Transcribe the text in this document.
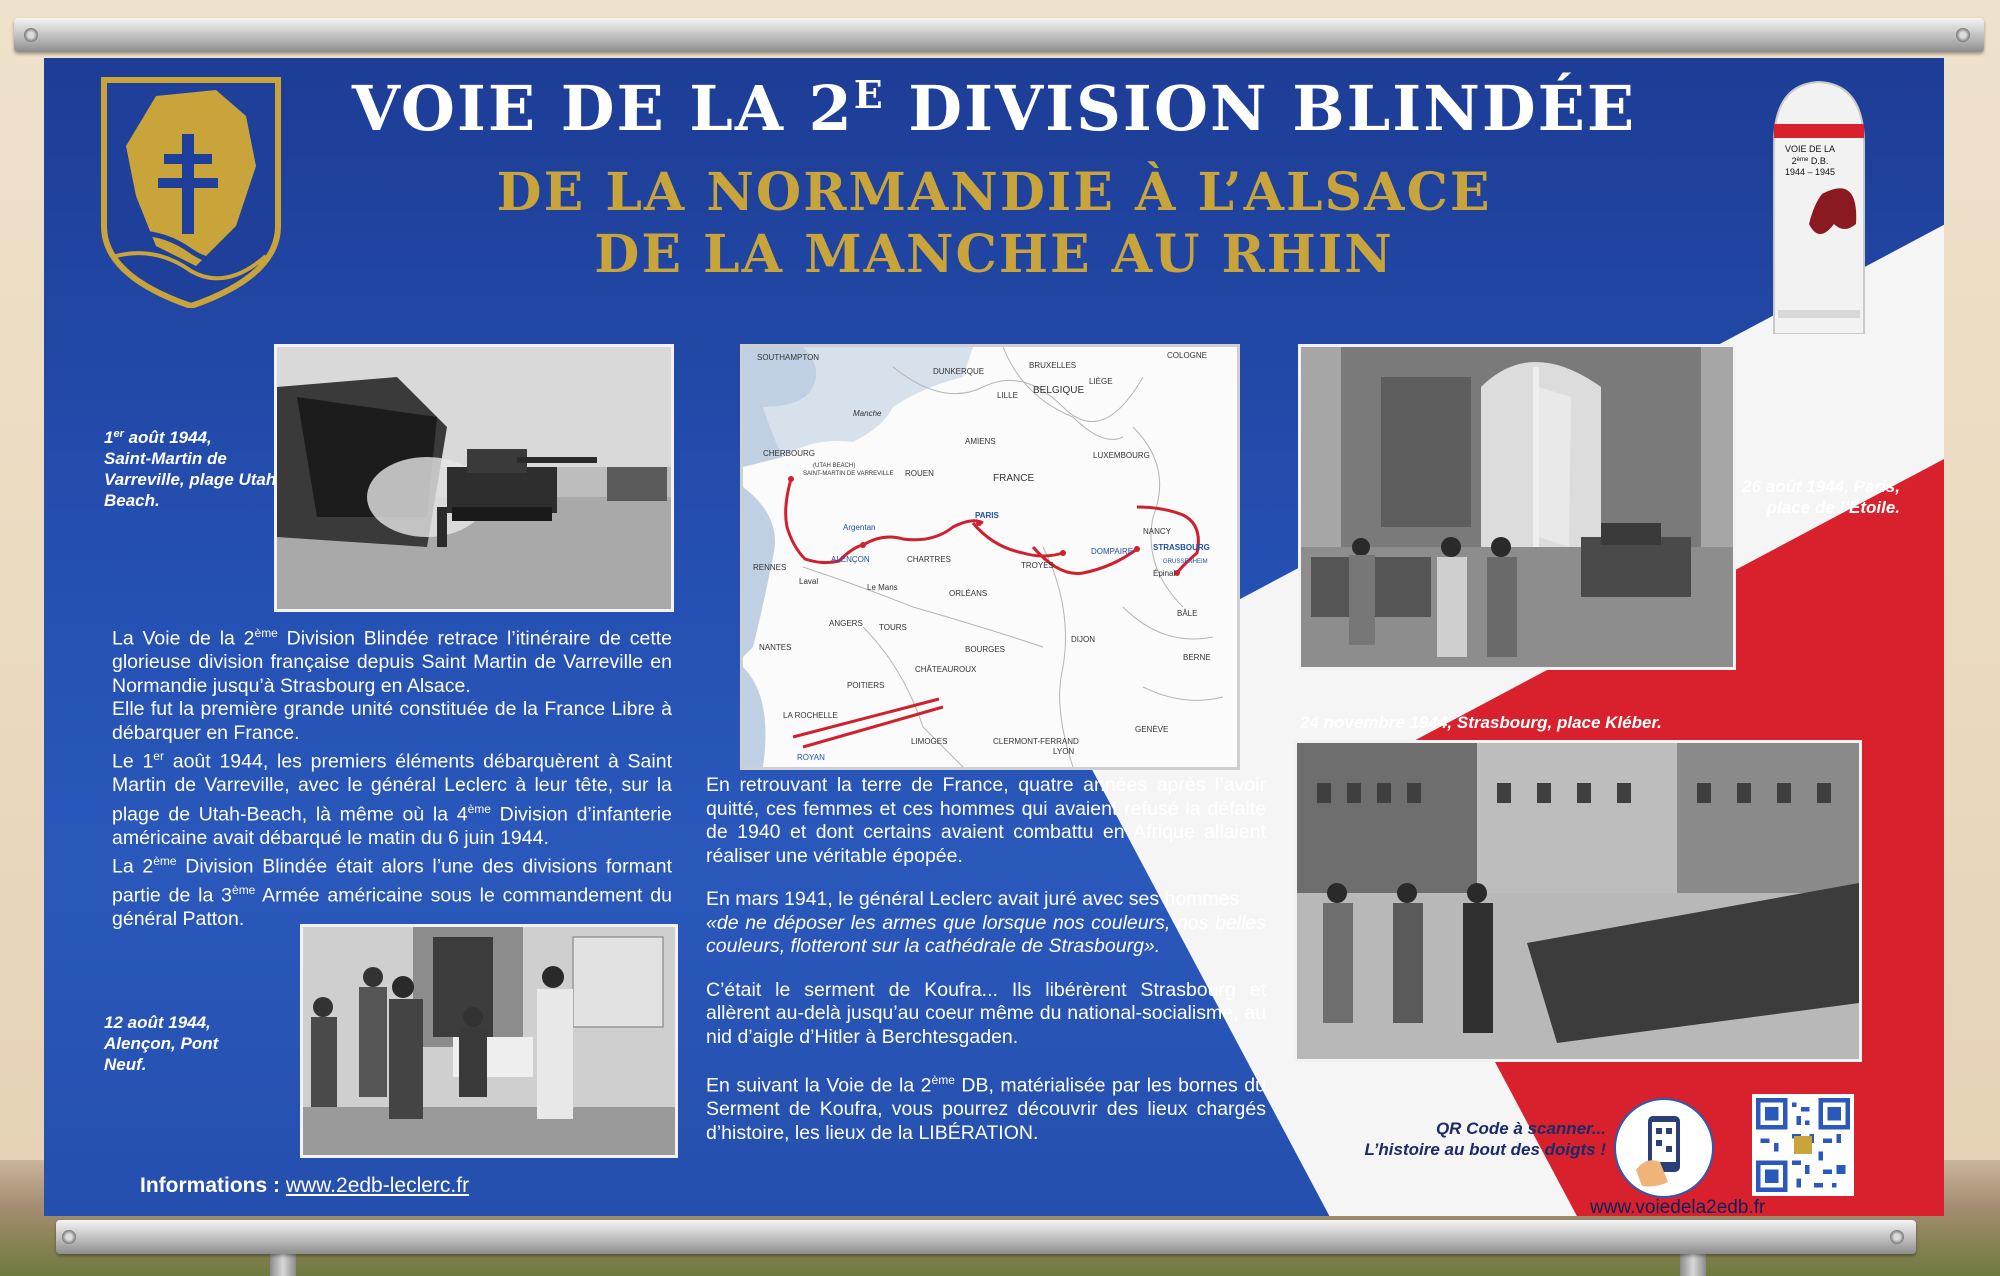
VOIE DE LA $2^E$ DIVISION BLINDÉE
DE LA NORMANDIE À L’ALSACE
DE LA MANCHE AU RHIN
VOIE DE LA
2ème D.B.
1944 – 1945
1er août 1944,
Saint-Martin de Varreville, plage Utah Beach.

La Voie de la 2ème Division Blindée retrace l’itinéraire de cette glorieuse division française depuis Saint Martin de Varreville en Normandie jusqu’à Strasbourg en Alsace.

Elle fut la première grande unité constituée de la France Libre à débarquer en France.

Le 1er août 1944, les premiers éléments débarquèrent à Saint Martin de Varreville, avec le général Leclerc à leur tête, sur la plage de Utah-Beach, là même où la 4ème Division d’infanterie américaine avait débarqué le matin du 6 juin 1944.

La 2ème Division Blindée était alors l’une des divisions formant partie de la 3ème Armée américaine sous le commandement du général Patton.

12 août 1944, Alençon, Pont Neuf.
SOUTHAMPTON
DUNKERQUE
BRUXELLES
COLOGNE
LILLE BELGIQUE
LIÈGE
Manche
AMIENS
LUXEMBOURG
CHERBOURG
(UTAH BEACH)
SAINT-MARTIN DE VARREVILLE ROUEN	FRANCE
PARIS
CHARTRES
ALENÇON
Argentan	NANCY
STRASBOURG
TROYES
DOMPAIRE
RENNES
Laval
Le Mans
ORLÉANS
ANGERS TOURS
NANTES	BOURGES
DIJON
BÂLE
BERNE
POITIERS
CHÂTEAUROUX
LA ROCHELLE
ROYAN
LIMOGES	CLERMONT-FERRAND
LYON
GENÈVE
Épinal
GRUSSENHEIM

En retrouvant la terre de France, quatre années après l’avoir quitté, ces femmes et ces hommes qui avaient refusé la défaite de 1940 et dont certains avaient combattu en Afrique allaient réaliser une véritable épopée.

En mars 1941, le général Leclerc avait juré avec ses hommes

«de ne déposer les armes que lorsque nos couleurs, nos belles couleurs, flotteront sur la cathédrale de Strasbourg».

C’était le serment de Koufra... Ils libérèrent Strasbourg et allèrent au-delà jusqu’au coeur même du national-socialisme, au nid d’aigle d’Hitler à Berchtesgaden.

En suivant la Voie de la 2ème DB, matérialisée par les bornes du Serment de Koufra, vous pourrez découvrir des lieux chargés d’histoire, les lieux de la LIBÉRATION.

26 août 1944, Paris, place de l’Étoile.
24 novembre 1944, Strasbourg, place Kléber.
Informations : www.2edb-leclerc.fr
QR Code à scanner...
L’histoire au bout des doigts !
www.voiedela2edb.fr
